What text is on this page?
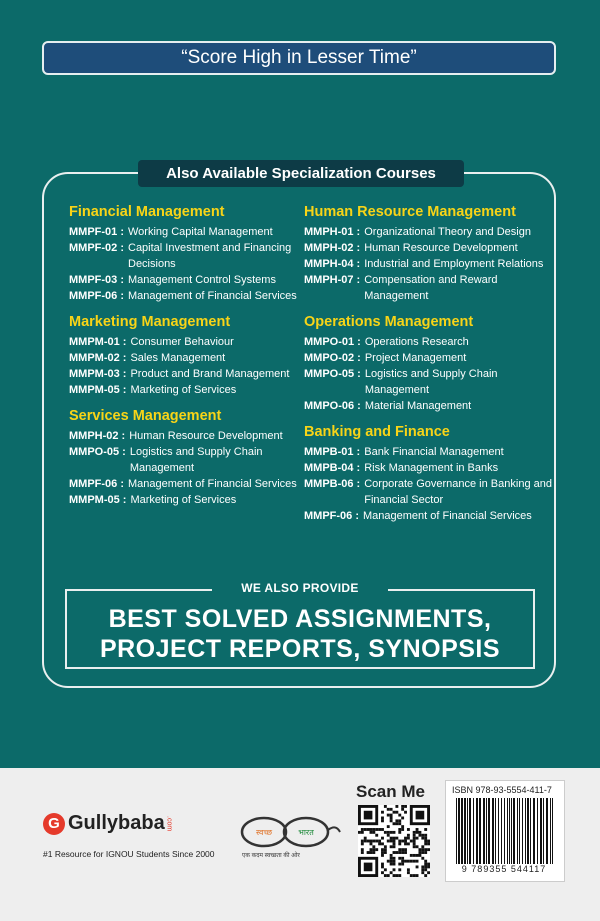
“Score High in Lesser Time”
Also Available Specialization Courses
Financial Management
MMPF-01 : Working Capital Management
MMPF-02 : Capital Investment and Financing Decisions
MMPF-03 : Management Control Systems
MMPF-06 : Management of Financial Services
Marketing Management
MMPM-01 : Consumer Behaviour
MMPM-02 : Sales Management
MMPM-03 : Product and Brand Management
MMPM-05 : Marketing of Services
Services Management
MMPH-02 : Human Resource Development
MMPO-05 : Logistics and Supply Chain Management
MMPF-06 : Management of Financial Services
MMPM-05 : Marketing of Services
Human Resource Management
MMPH-01 : Organizational Theory and Design
MMPH-02 : Human Resource Development
MMPH-04 : Industrial and Employment Relations
MMPH-07 : Compensation and Reward Management
Operations Management
MMPO-01 : Operations Research
MMPO-02 : Project Management
MMPO-05 : Logistics and Supply Chain Management
MMPO-06 : Material Management
Banking and Finance
MMPB-01 : Bank Financial Management
MMPB-04 : Risk Management in Banks
MMPB-06 : Corporate Governance in Banking and Financial Sector
MMPF-06 : Management of Financial Services
WE ALSO PROVIDE
BEST SOLVED ASSIGNMENTS,
PROJECT REPORTS, SYNOPSIS
G Gullybaba .com
#1 Resource for IGNOU Students Since 2000
स्वच्छ	भारत
एक कदम स्वच्छता की ओर
Scan Me	ISBN 978-93-5554-411-7
9 789355 544117
